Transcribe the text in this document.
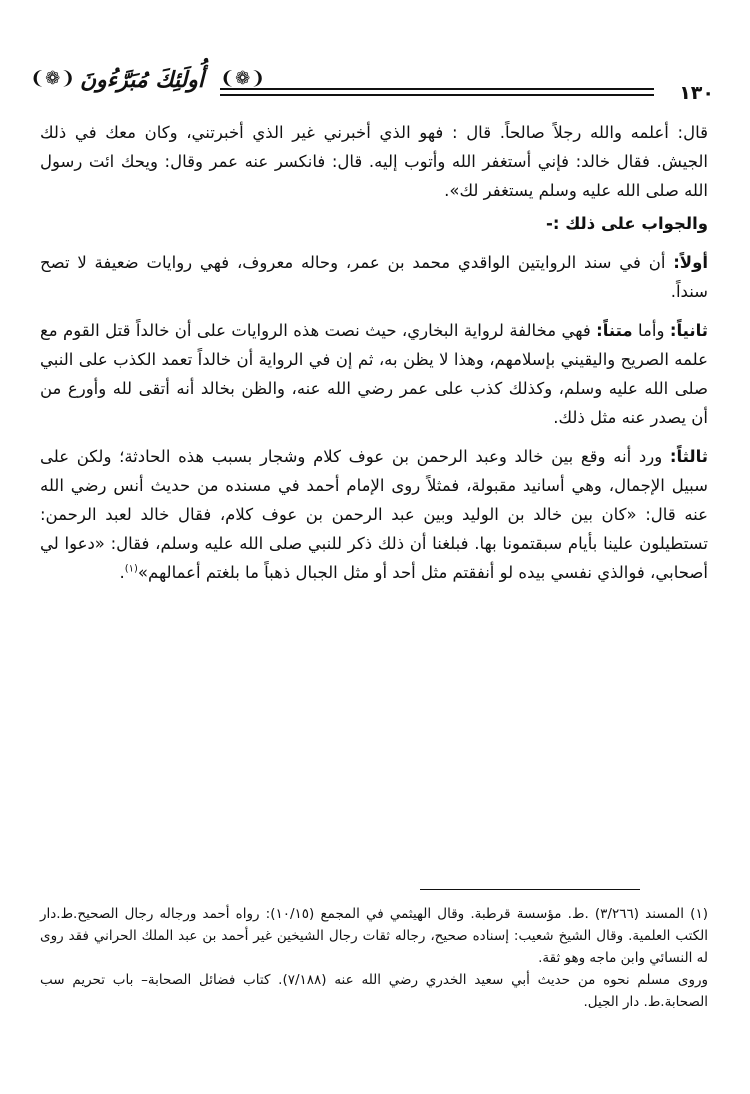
١٣٠
❨❁❩
أُولَئِكَ مُبَرَّءُونَ
❨❁❩

قال: أعلمه والله رجلاً صالحاً. قال : فهو الذي أخبرني غير الذي أخبرتني، وكان معك في ذلك الجيش. فقال خالد: فإني أستغفر الله وأتوب إليه. قال: فانكسر عنه عمر وقال: ويحك ائت رسول الله صلى الله عليه وسلم يستغفر لك».

والجواب على ذلك :-

أولاً: أن في سند الروايتين الواقدي محمد بن عمر، وحاله معروف، فهي روايات ضعيفة لا تصح سنداً.

ثانياً: وأما متناً: فهي مخالفة لرواية البخاري، حيث نصت هذه الروايات على أن خالداً قتل القوم مع علمه الصريح واليقيني بإسلامهم، وهذا لا يظن به، ثم إن في الرواية أن خالداً تعمد الكذب على النبي صلى الله عليه وسلم، وكذلك كذب على عمر رضي الله عنه، والظن بخالد أنه أتقى لله وأورع من أن يصدر عنه مثل ذلك.

ثالثاً: ورد أنه وقع بين خالد وعبد الرحمن بن عوف كلام وشجار بسبب هذه الحادثة؛ ولكن على سبيل الإجمال، وهي أسانيد مقبولة، فمثلاً روى الإمام أحمد في مسنده من حديث أنس رضي الله عنه قال: «كان بين خالد بن الوليد وبين عبد الرحمن بن عوف كلام، فقال خالد لعبد الرحمن: تستطيلون علينا بأيام سبقتمونا بها. فبلغنا أن ذلك ذكر للنبي صلى الله عليه وسلم، فقال: «دعوا لي أصحابي، فوالذي نفسي بيده لو أنفقتم مثل أحد أو مثل الجبال ذهباً ما بلغتم أعمالهم»$^{(١)}$.

(١) المسند (٣/٢٦٦) .ط. مؤسسة قرطبة. وقال الهيثمي في المجمع (١٠/١٥): رواه أحمد ورجاله رجال الصحيح.ط.دار الكتب العلمية. وقال الشيخ شعيب: إسناده صحيح، رجاله ثقات رجال الشيخين غير أحمد بن عبد الملك الحراني فقد روى له النسائي وابن ماجه وهو ثقة.

وروى مسلم نحوه من حديث أبي سعيد الخدري رضي الله عنه (٧/١٨٨). كتاب فضائل الصحابة– باب تحريم سب الصحابة.ط. دار الجيل.
